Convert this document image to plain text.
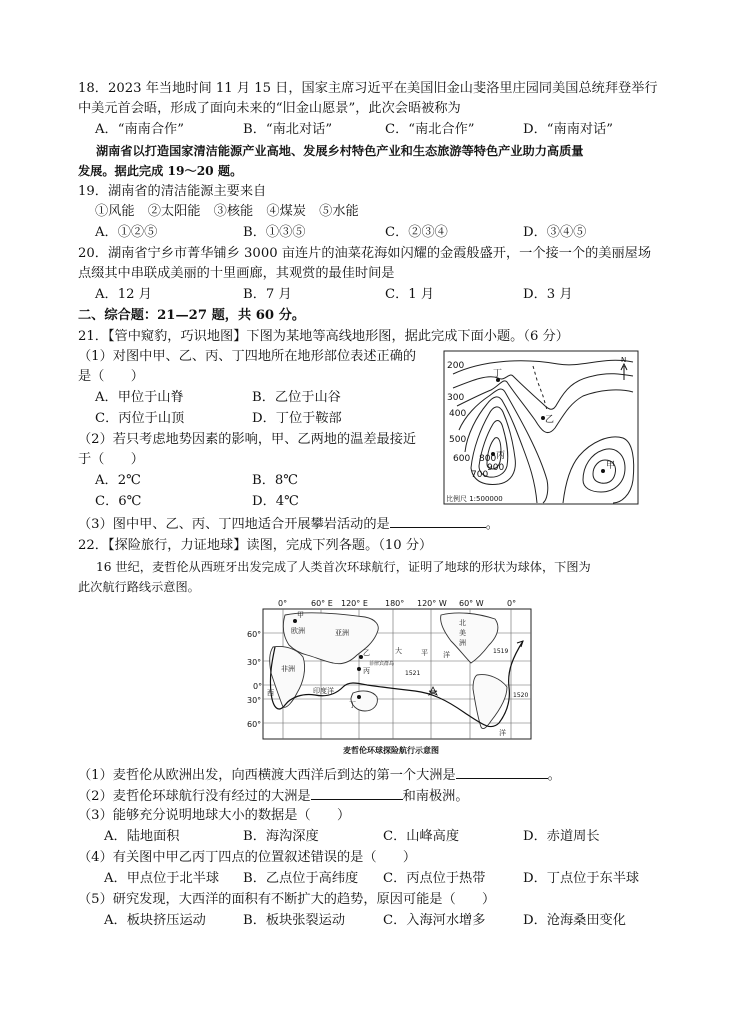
18．2023 年当地时间 11 月 15 日，国家主席习近平在美国旧金山斐洛里庄园同美国总统拜登举行
中美元首会晤，形成了面向未来的“旧金山愿景”，此次会晤被称为
A．“南南合作”	B．“南北对话”	C．“南北合作”	D．“南南对话”
湖南省以打造国家清洁能源产业高地、发展乡村特色产业和生态旅游等特色产业助力高质量
发展。据此完成 19～20 题。
19．湖南省的清洁能源主要来自
①风能　②太阳能　③核能　④煤炭　⑤水能
A．①②⑤	B．①③⑤	C．②③④	D．③④⑤
20．湖南省宁乡市菁华铺乡 3000 亩连片的油菜花海如闪耀的金霞般盛开，一个接一个的美丽屋场
点缀其中串联成美丽的十里画廊，其观赏的最佳时间是
A．12 月	B．7 月	C．1 月	D．3 月
二、综合题：21—27 题，共 60 分。
21．【管中窥豹，巧识地图】下图为某地等高线地形图，据此完成下面小题。（6 分）
（1）对图中甲、乙、丙、丁四地所在地形部位表述正确的
是（　　）
A．甲位于山脊	B．乙位于山谷
C．丙位于山顶	D．丁位于鞍部
（2）若只考虑地势因素的影响，甲、乙两地的温差最接近
于（　　）
A．2℃	B．8℃
C．6℃	D．4℃
（3）图中甲、乙、丙、丁四地适合开展攀岩活动的是	。
200
300
400
500
600
700
800
900
丁
乙
丙
甲
N
比例尺 1:500000
22．【探险旅行，力证地球】读图，完成下列各题。（10 分）
16 世纪，麦哲伦从西班牙出发完成了人类首次环球航行，证明了地球的形状为球体，下图为
此次航行路线示意图。
0°	60° E 120° E 180° 120° W 60° W	0°
60°
30°
0°
30°
60°
甲
欧洲	亚洲
乙
北
美
洲
大	平 洋
丙
菲律宾群岛
1521
非洲
西	印度洋
丁
1519
1520
洋
麦哲伦环球探险航行示意图
（1）麦哲伦从欧洲出发，向西横渡大西洋后到达的第一个大洲是	。
（2）麦哲伦环球航行没有经过的大洲是	和南极洲。
（3）能够充分说明地球大小的数据是（　　）
A．陆地面积	B．海沟深度	C．山峰高度	D．赤道周长
（4）有关图中甲乙丙丁四点的位置叙述错误的是（　　）
A．甲点位于北半球 B．乙点位于高纬度 C．丙点位于热带	D．丁点位于东半球
（5）研究发现，大西洋的面积有不断扩大的趋势，原因可能是（　　）
A．板块挤压运动	B．板块张裂运动	C．入海河水增多	D．沧海桑田变化
